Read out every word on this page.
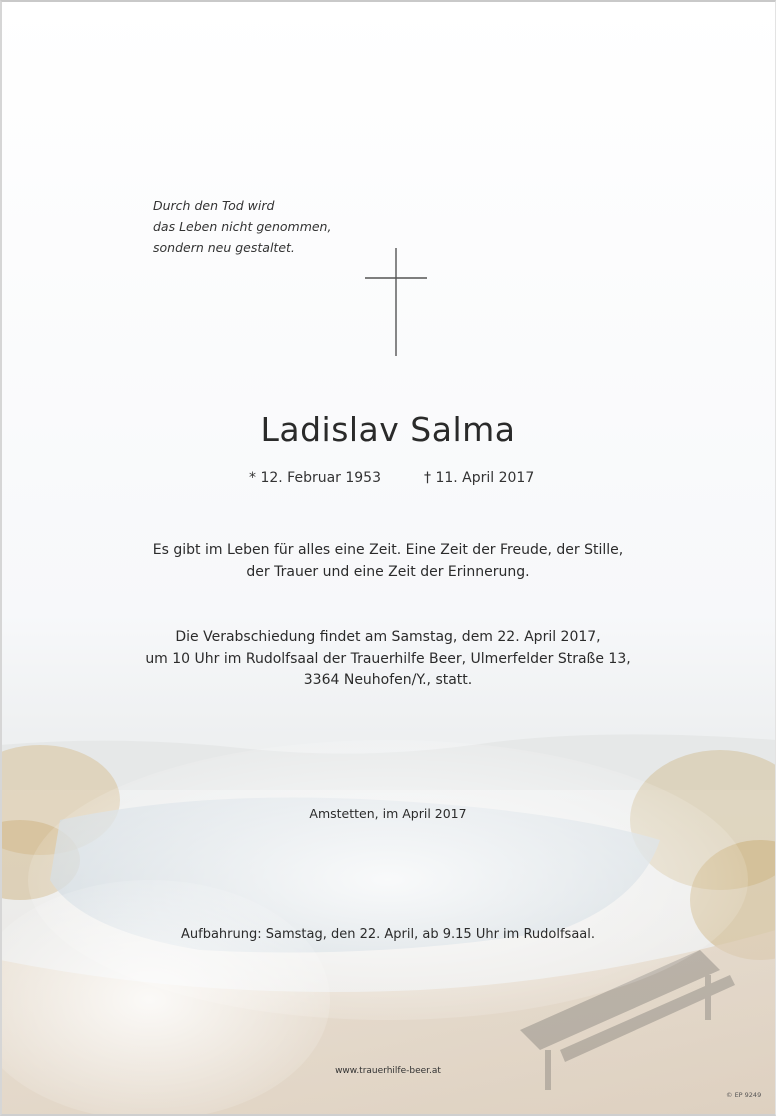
Durch den Tod wird
das Leben nicht genommen,
sondern neu gestaltet.
Ladislav Salma
* 12. Februar 1953	† 11. April 2017
Es gibt im Leben für alles eine Zeit. Eine Zeit der Freude, der Stille,
der Trauer und eine Zeit der Erinnerung.
Die Verabschiedung findet am Samstag, dem 22. April 2017,
um 10 Uhr im Rudolfsaal der Trauerhilfe Beer, Ulmerfelder Straße 13,
3364 Neuhofen/Y., statt.
Amstetten, im April 2017
Aufbahrung: Samstag, den 22. April, ab 9.15 Uhr im Rudolfsaal.
www.trauerhilfe-beer.at
© EP 9249
